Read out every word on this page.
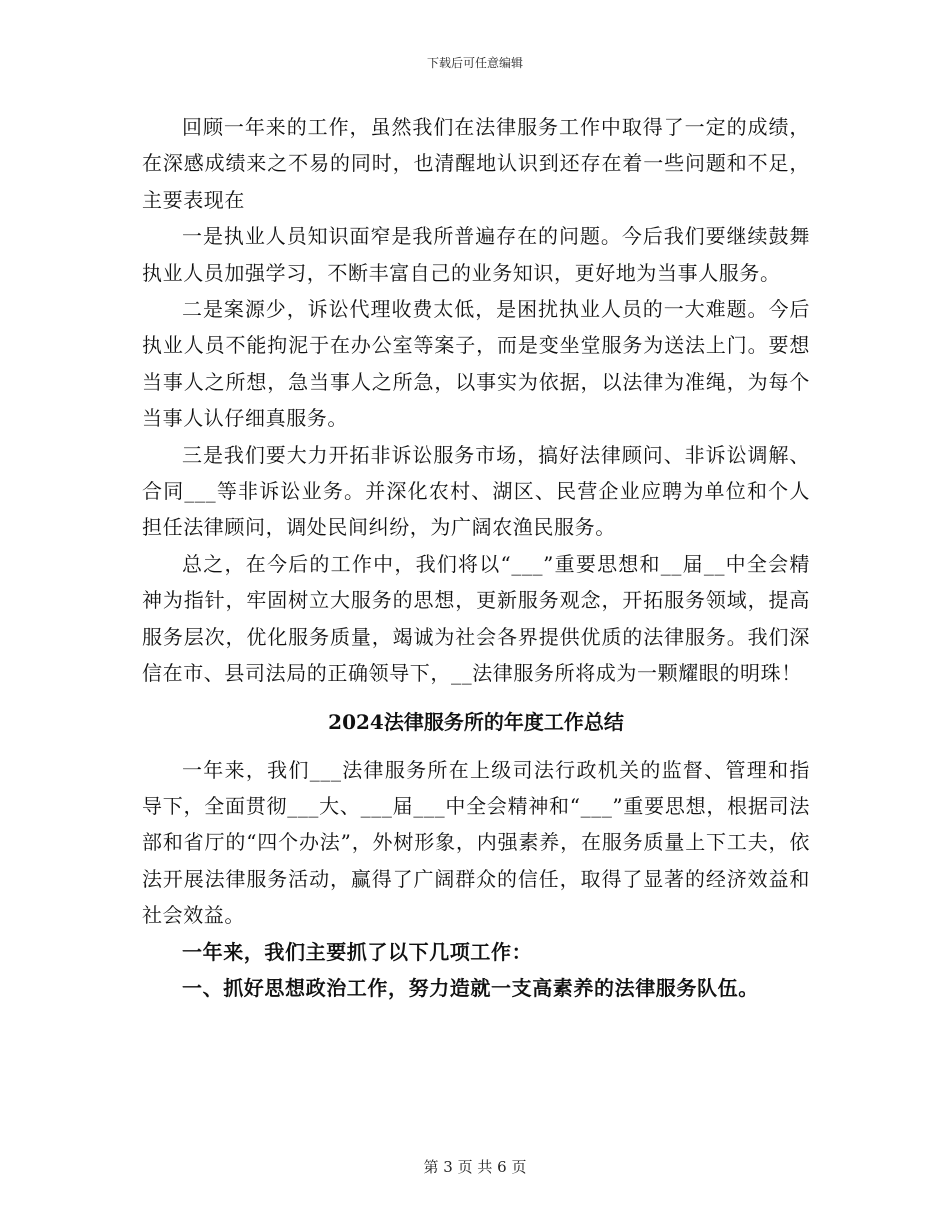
下载后可任意编辑

回顾一年来的工作，虽然我们在法律服务工作中取得了一定的成绩，在深感成绩来之不易的同时，也清醒地认识到还存在着一些问题和不足，主要表现在

一是执业人员知识面窄是我所普遍存在的问题。今后我们要继续鼓舞执业人员加强学习，不断丰富自己的业务知识，更好地为当事人服务。

二是案源少，诉讼代理收费太低，是困扰执业人员的一大难题。今后执业人员不能拘泥于在办公室等案子，而是变坐堂服务为送法上门。要想当事人之所想，急当事人之所急，以事实为依据，以法律为准绳，为每个当事人认仔细真服务。

三是我们要大力开拓非诉讼服务市场，搞好法律顾问、非诉讼调解、合同___等非诉讼业务。并深化农村、湖区、民营企业应聘为单位和个人担任法律顾问，调处民间纠纷，为广阔农渔民服务。

总之，在今后的工作中，我们将以“___”重要思想和__届__中全会精神为指针，牢固树立大服务的思想，更新服务观念，开拓服务领域，提高服务层次，优化服务质量，竭诚为社会各界提供优质的法律服务。我们深信在市、县司法局的正确领导下，__法律服务所将成为一颗耀眼的明珠！

2024法律服务所的年度工作总结

一年来，我们___法律服务所在上级司法行政机关的监督、管理和指导下，全面贯彻___大、___届___中全会精神和“___”重要思想，根据司法部和省厅的“四个办法”，外树形象，内强素养，在服务质量上下工夫，依法开展法律服务活动，赢得了广阔群众的信任，取得了显著的经济效益和社会效益。

一年来，我们主要抓了以下几项工作：

一、抓好思想政治工作，努力造就一支高素养的法律服务队伍。

第 3 页 共 6 页
